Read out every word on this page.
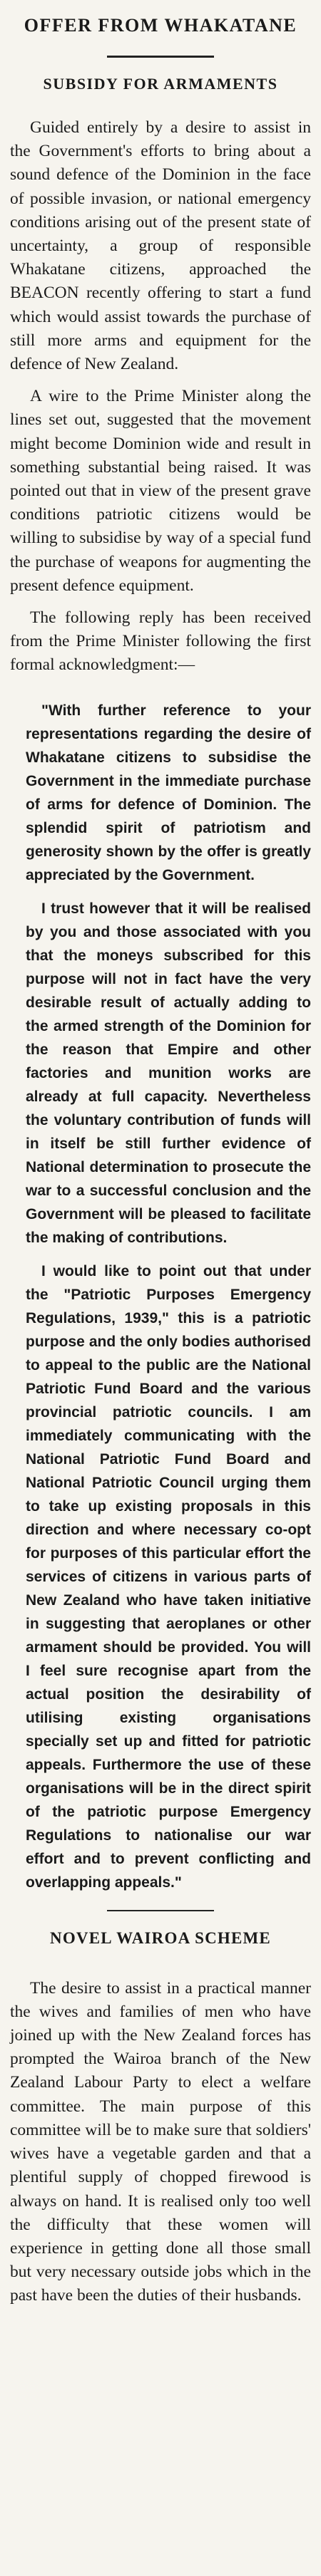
OFFER FROM WHAKATANE
SUBSIDY FOR ARMAMENTS

Guided entirely by a desire to assist in the Government's efforts to bring about a sound defence of the Dominion in the face of possible invasion, or national emergency conditions arising out of the present state of uncertainty, a group of responsible Whakatane citizens, approached the BEACON recently offering to start a fund which would assist towards the purchase of still more arms and equipment for the defence of New Zealand.

A wire to the Prime Minister along the lines set out, suggested that the movement might become Dominion wide and result in something substantial being raised. It was pointed out that in view of the present grave conditions patriotic citizens would be willing to subsidise by way of a special fund the purchase of weapons for augmenting the present defence equipment.

The following reply has been received from the Prime Minister following the first formal acknowledgment:—

"With further reference to your representations regarding the desire of Whakatane citizens to subsidise the Government in the immediate purchase of arms for defence of Dominion. The splendid spirit of patriotism and generosity shown by the offer is greatly appreciated by the Government.

I trust however that it will be realised by you and those associated with you that the moneys subscribed for this purpose will not in fact have the very desirable result of actually adding to the armed strength of the Dominion for the reason that Empire and other factories and munition works are already at full capacity. Nevertheless the voluntary contribution of funds will in itself be still further evidence of National determination to prosecute the war to a successful conclusion and the Government will be pleased to facilitate the making of contributions.

I would like to point out that under the "Patriotic Purposes Emergency Regulations, 1939," this is a patriotic purpose and the only bodies authorised to appeal to the public are the National Patriotic Fund Board and the various provincial patriotic councils. I am immediately communicating with the National Patriotic Fund Board and National Patriotic Council urging them to take up existing proposals in this direction and where necessary co-opt for purposes of this particular effort the services of citizens in various parts of New Zealand who have taken initiative in suggesting that aeroplanes or other armament should be provided. You will I feel sure recognise apart from the actual position the desirability of utilising existing organisations specially set up and fitted for patriotic appeals. Furthermore the use of these organisations will be in the direct spirit of the patriotic purpose Emergency Regulations to nationalise our war effort and to prevent conflicting and overlapping appeals."

NOVEL WAIROA SCHEME

The desire to assist in a practical manner the wives and families of men who have joined up with the New Zealand forces has prompted the Wairoa branch of the New Zealand Labour Party to elect a welfare committee. The main purpose of this committee will be to make sure that soldiers' wives have a vegetable garden and that a plentiful supply of chopped firewood is always on hand. It is realised only too well the difficulty that these women will experience in getting done all those small but very necessary outside jobs which in the past have been the duties of their husbands.
